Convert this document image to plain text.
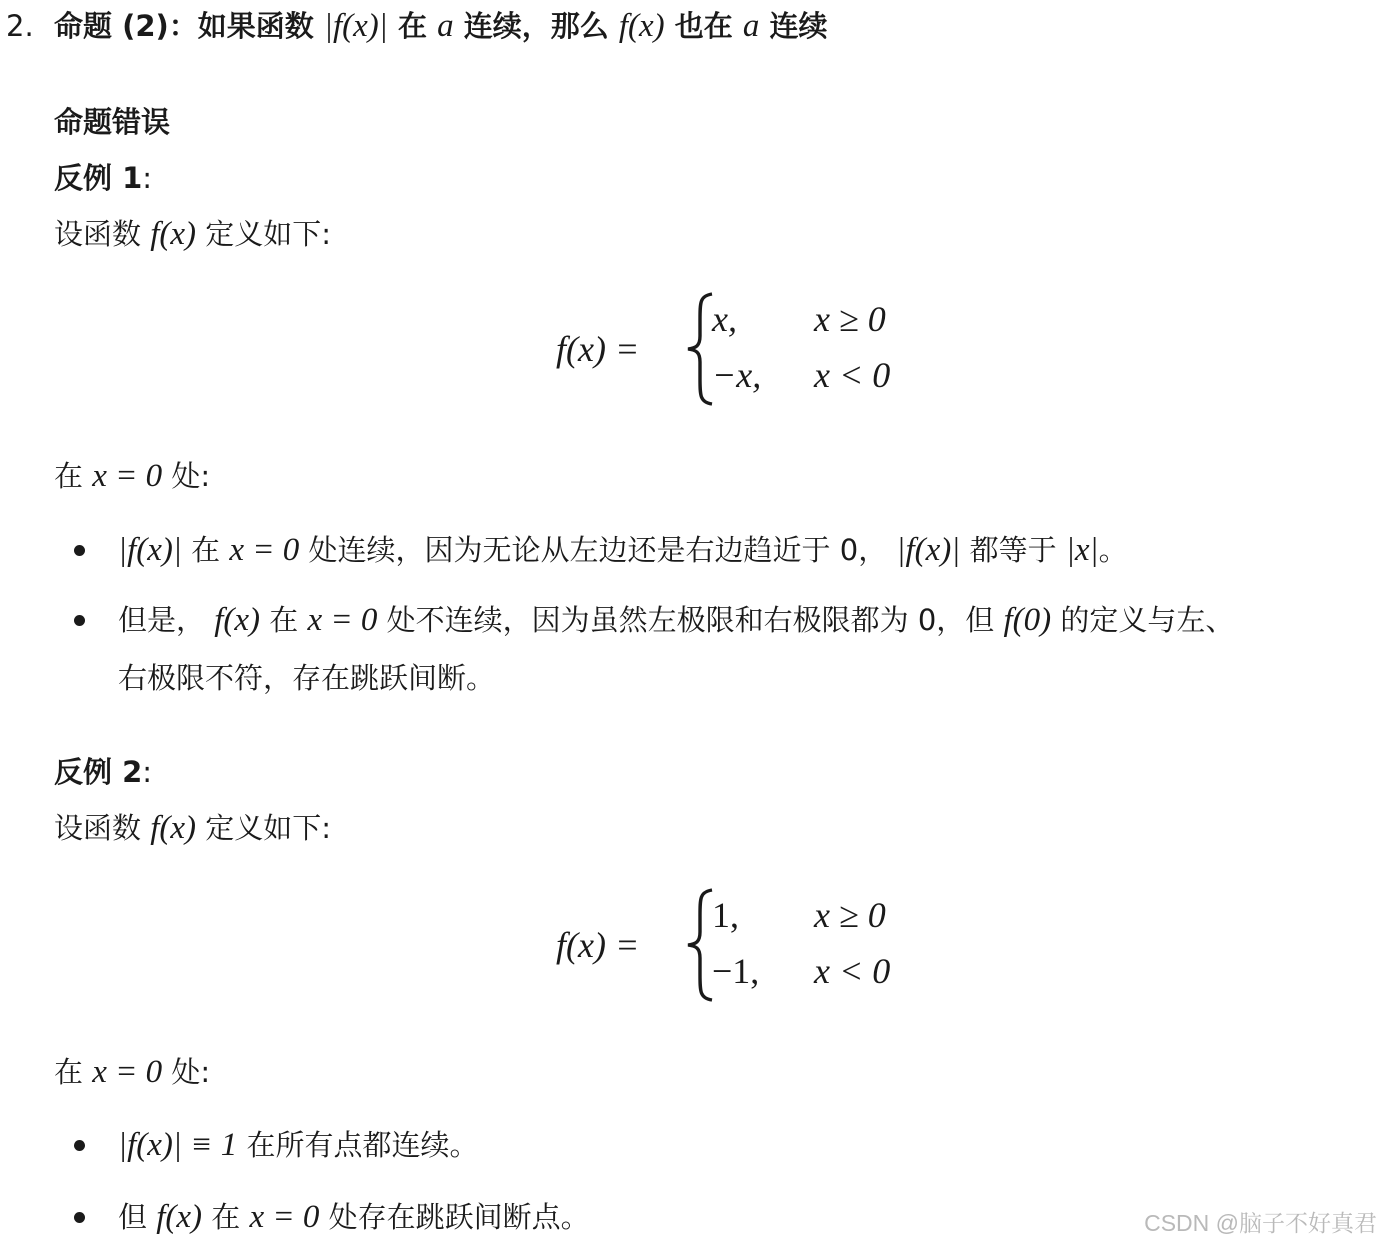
2. 命题 (2)：如果函数 |f(x)| 在 a 连续，那么 f(x) 也在 a 连续
命题错误
反例 1:
设函数 f(x) 定义如下:
f(x) =
x, x ≥ 0
−x, x < 0
在 x = 0 处:
|f(x)| 在 x = 0 处连续，因为无论从左边还是右边趋近于 0， |f(x)| 都等于 |x|。
但是， f(x) 在 x = 0 处不连续，因为虽然左极限和右极限都为 0，但 f(0) 的定义与左、
右极限不符，存在跳跃间断。
反例 2:
设函数 f(x) 定义如下:
f(x) =
1, x ≥ 0
−1, x < 0
在 x = 0 处:
|f(x)| ≡ 1 在所有点都连续。
但 f(x) 在 x = 0 处存在跳跃间断点。	CSDN @脑子不好真君
